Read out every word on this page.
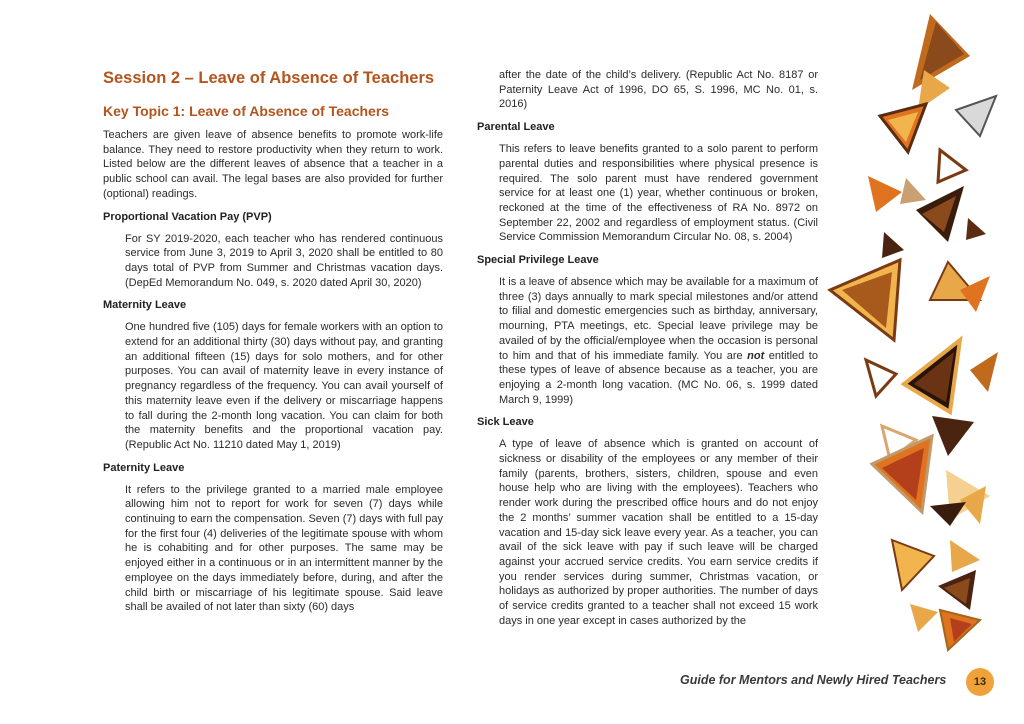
Session 2 – Leave of Absence of Teachers
Key Topic 1: Leave of Absence of Teachers

Teachers are given leave of absence benefits to promote work-life balance. They need to restore productivity when they return to work. Listed below are the different leaves of absence that a teacher in a public school can avail. The legal bases are also provided for further (optional) readings.

Proportional Vacation Pay (PVP)

For SY 2019-2020, each teacher who has rendered continuous service from June 3, 2019 to April 3, 2020 shall be entitled to 80 days total of PVP from Summer and Christmas vacation days. (DepEd Memorandum No. 049, s. 2020 dated April 30, 2020)

Maternity Leave

One hundred five (105) days for female workers with an option to extend for an additional thirty (30) days without pay, and granting an additional fifteen (15) days for solo mothers, and for other purposes. You can avail of maternity leave in every instance of pregnancy regardless of the frequency. You can avail yourself of this maternity leave even if the delivery or miscarriage happens to fall during the 2-month long vacation. You can claim for both the maternity benefits and the proportional vacation pay. (Republic Act No. 11210 dated May 1, 2019)

Paternity Leave

It refers to the privilege granted to a married male employee allowing him not to report for work for seven (7) days while continuing to earn the compensation. Seven (7) days with full pay for the first four (4) deliveries of the legitimate spouse with whom he is cohabiting and for other purposes. The same may be enjoyed either in a continuous or in an intermittent manner by the employee on the days immediately before, during, and after the child birth or miscarriage of his legitimate spouse. Said leave shall be availed of not later than sixty (60) days

after the date of the child’s delivery. (Republic Act No. 8187 or Paternity Leave Act of 1996, DO 65, S. 1996, MC No. 01, s. 2016)

Parental Leave

This refers to leave benefits granted to a solo parent to perform parental duties and responsibilities where physical presence is required. The solo parent must have rendered government service for at least one (1) year, whether continuous or broken, reckoned at the time of the effectiveness of RA No. 8972 on September 22, 2002 and regardless of employment status. (Civil Service Commission Memorandum Circular No. 08, s. 2004)

Special Privilege Leave

It is a leave of absence which may be available for a maximum of three (3) days annually to mark special milestones and/or attend to filial and domestic emergencies such as birthday, anniversary, mourning, PTA meetings, etc. Special leave privilege may be availed of by the official/employee when the occasion is personal to him and that of his immediate family. You are not entitled to these types of leave of absence because as a teacher, you are enjoying a 2-month long vacation. (MC No. 06, s. 1999 dated March 9, 1999)

Sick Leave

A type of leave of absence which is granted on account of sickness or disability of the employees or any member of their family (parents, brothers, sisters, children, spouse and even house help who are living with the employees). Teachers who render work during the prescribed office hours and do not enjoy the 2 months’ summer vacation shall be entitled to a 15-day vacation and 15-day sick leave every year. As a teacher, you can avail of the sick leave with pay if such leave will be charged against your accrued service credits. You earn service credits if you render services during summer, Christmas vacation, or holidays as authorized by proper authorities. The number of days of service credits granted to a teacher shall not exceed 15 work days in one year except in cases authorized by the

Guide for Mentors and Newly Hired Teachers	13
